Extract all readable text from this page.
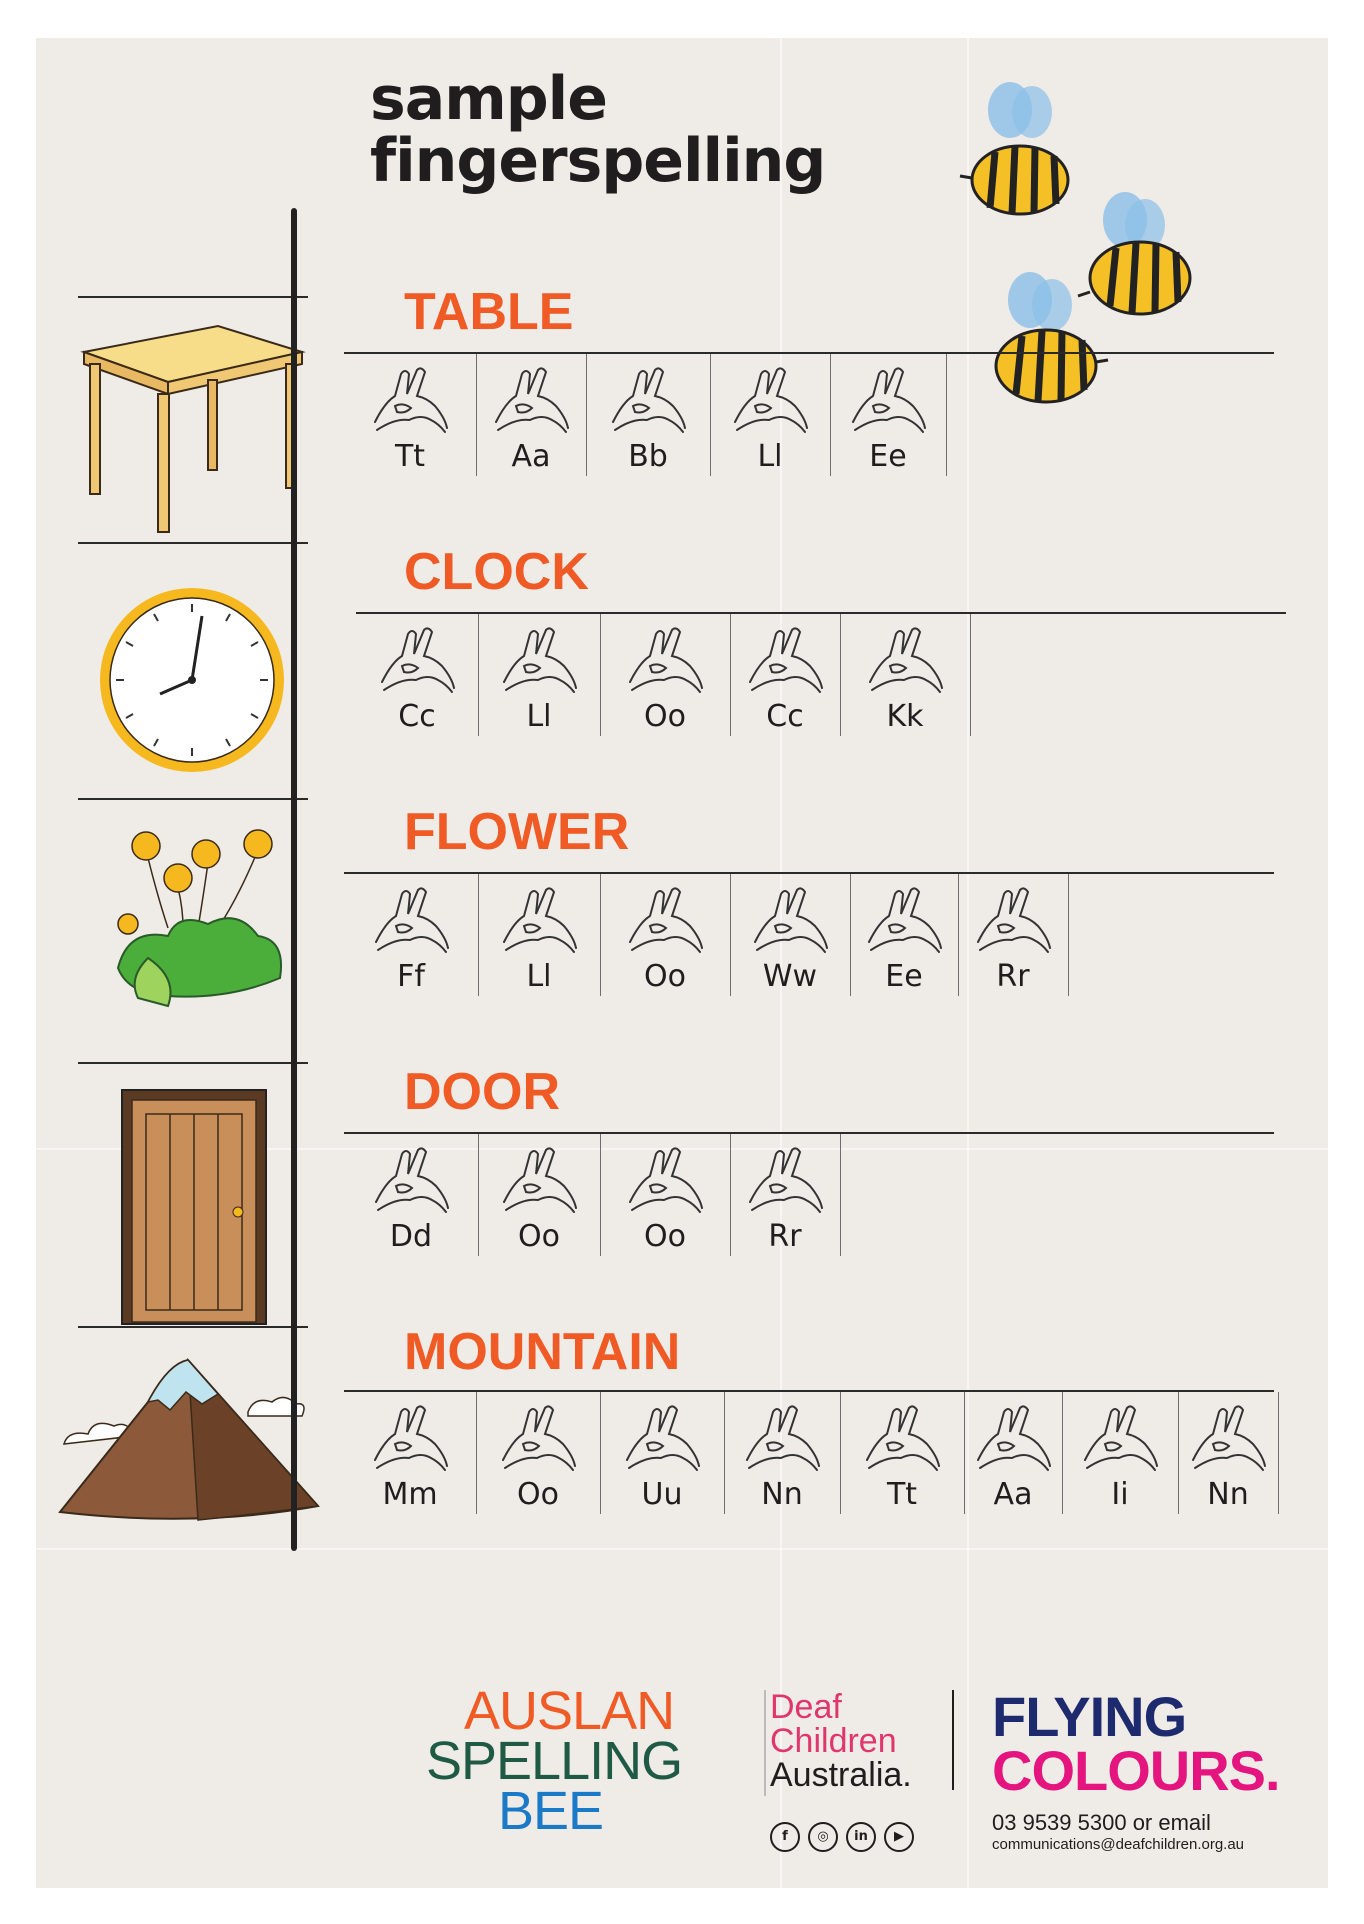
sample
fingerspelling
TABLE
Tt	Aa	Bb	Ll	Ee
CLOCK
Cc	Ll	Oo	Cc	Kk
FLOWER
Ff	Ll	Oo	Ww	Ee	Rr
DOOR
Dd	Oo	Oo	Rr
MOUNTAIN
Mm	Oo	Uu	Nn	Tt	Aa	Ii	Nn
AUSLAN
SPELLING
BEE
Deaf
Children
Australia.
f	◎	in	▶
FLYING
COLOURS.
03 9539 5300 or email
communications@deafchildren.org.au
